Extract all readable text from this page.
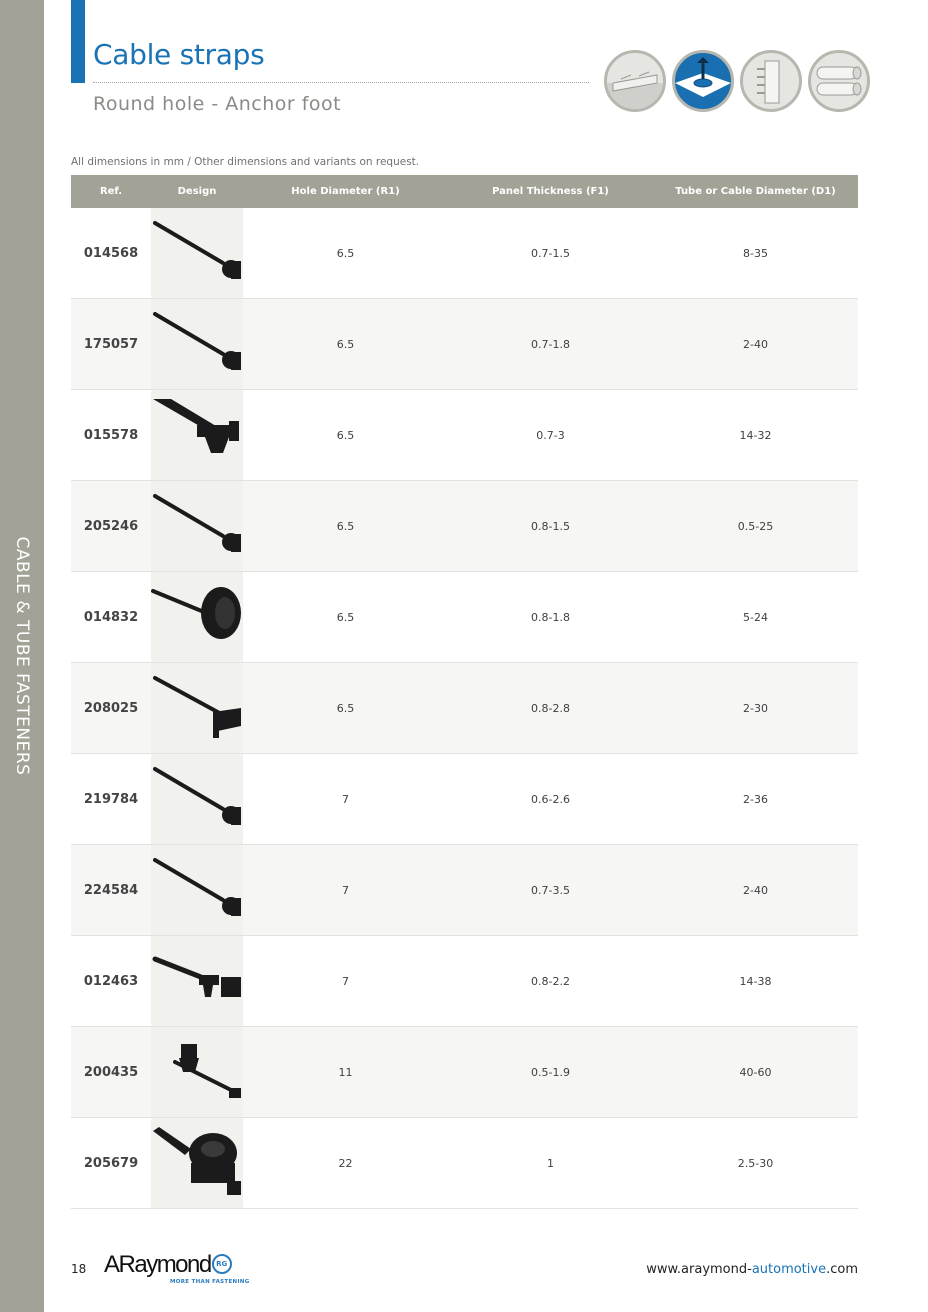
CABLE & TUBE FASTENERS
Cable straps
Round hole - Anchor foot
All dimensions in mm / Other dimensions and variants on request.
Ref.	Design	Hole Diameter (R1)	Panel Thickness (F1)	Tube or Cable Diameter (D1)
014568		6.5	0.7-1.5	8-35
175057		6.5	0.7-1.8	2-40
015578		6.5	0.7-3	14-32
205246		6.5	0.8-1.5	0.5-25
014832		6.5	0.8-1.8	5-24
208025		6.5	0.8-2.8	2-30
219784		7	0.6-2.6	2-36
224584		7	0.7-3.5	2-40
012463		7	0.8-2.2	14-38
200435		11	0.5-1.9	40-60
205679		22	1	2.5-30
18 ARaymond RG
MORE THAN FASTENING
www.araymond-automotive.com
